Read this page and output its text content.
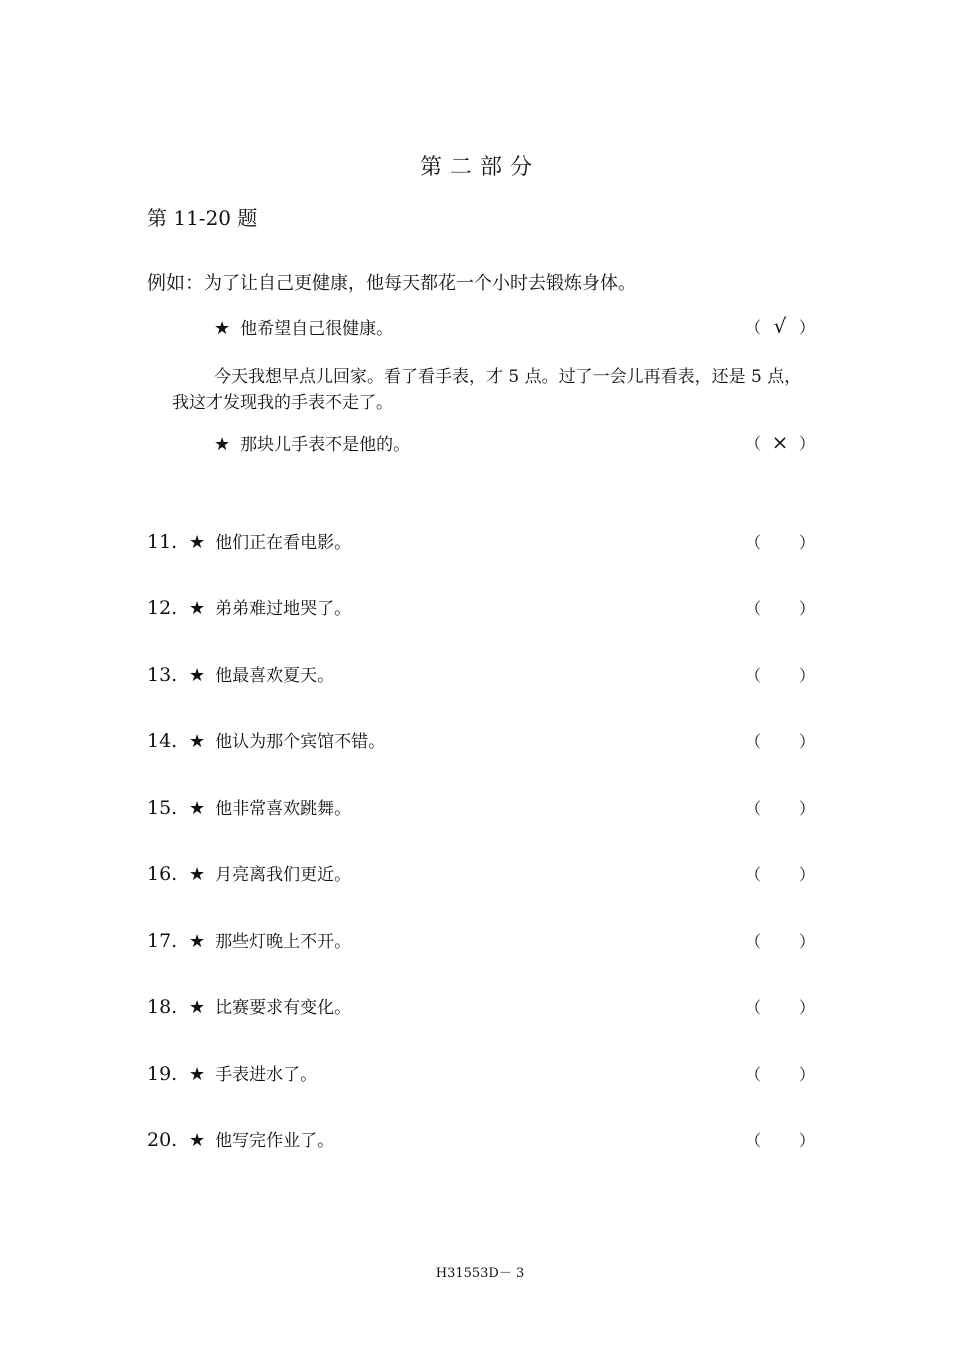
第二部分
第 11-20 题
例如：为了让自己更健康，他每天都花一个小时去锻炼身体。
★ 他希望自己很健康。	（ √ ）
今天我想早点儿回家。看了看手表，才 5 点。过了一会儿再看表，还是 5 点，我这才发现我的手表不走了。
★ 那块儿手表不是他的。	（ × ）
11. ★ 他们正在看电影。	（ ）
12. ★ 弟弟难过地哭了。	（ ）
13. ★ 他最喜欢夏天。	（ ）
14. ★ 他认为那个宾馆不错。	（ ）
15. ★ 他非常喜欢跳舞。	（ ）
16. ★ 月亮离我们更近。	（ ）
17. ★ 那些灯晚上不开。	（ ）
18. ★ 比赛要求有变化。	（ ）
19. ★ 手表进水了。	（ ）
20. ★ 他写完作业了。	（ ）
H31553D－ 3
